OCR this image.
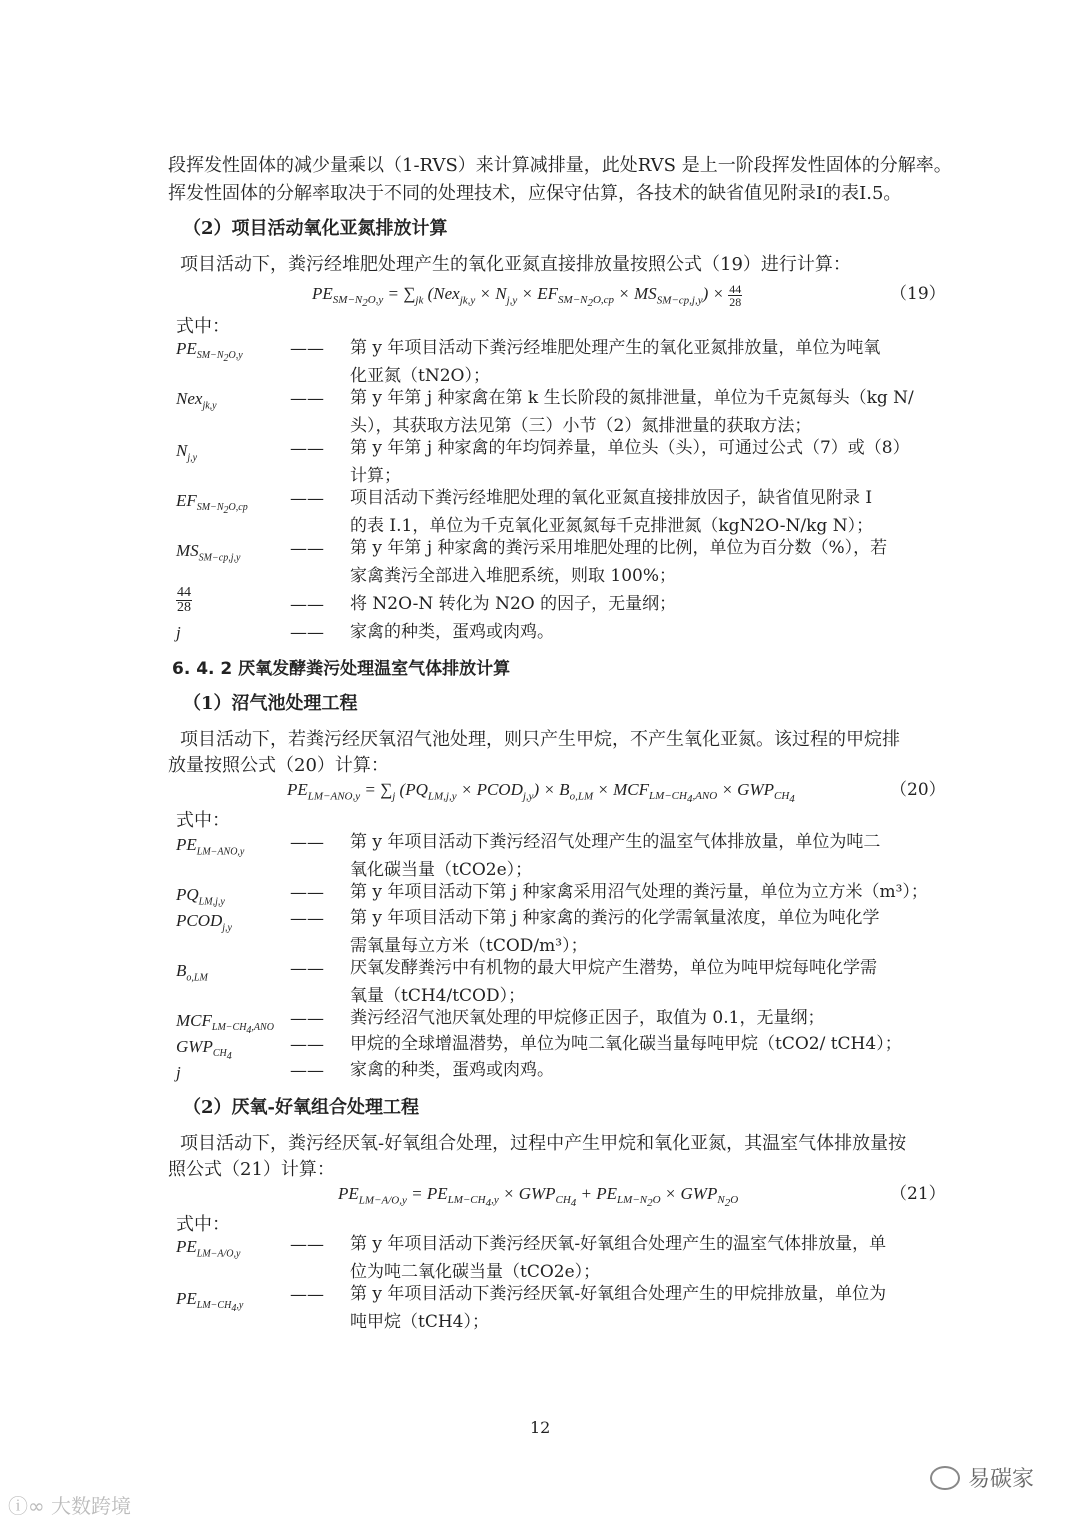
段挥发性固体的减少量乘以（1-RVS）来计算减排量，此处RVS 是上一阶段挥发性固体的分解率。
挥发性固体的分解率取决于不同的处理技术，应保守估算，各技术的缺省值见附录I的表I.5。
（2）项目活动氧化亚氮排放计算
项目活动下，粪污经堆肥处理产生的氧化亚氮直接排放量按照公式（19）进行计算：
$PE_{SM-N_2O,y} = \sum_{jk}$ $(Nex_{jk,y} \times N_{j,y} \times EF_{SM-N_2O,cp} \times MS_{SM-cp,j,y}) \times \frac{44}{28}$	（19）
式中：
$PE_{SM-N_2O,y}$	—— 第 y 年项目活动下粪污经堆肥处理产生的氧化亚氮排放量，单位为吨氧
化亚氮（tN2O）；
Nex$_{jk,y}$	—— 第 y 年第 j 种家禽在第 k 生长阶段的氮排泄量，单位为千克氮每头（kg N/
头），其获取方法见第（三）小节（2）氮排泄量的获取方法；
$N_{j,y}$	—— 第 y 年第 j 种家禽的年均饲养量，单位头（头），可通过公式（7）或（8）
计算；
$EF_{SM-N_2O,cp}$ —— 项目活动下粪污经堆肥处理的氧化亚氮直接排放因子，缺省值见附录 I
的表 I.1，单位为千克氧化亚氮氮每千克排泄氮（kgN2O-N/kg N）；
$MS_{SM-cp,j,y}$	—— 第 y 年第 j 种家禽的粪污采用堆肥处理的比例，单位为百分数（%），若
家禽粪污全部进入堆肥系统，则取 100%；
$\frac{44}{28}$	—— 将 N2O-N 转化为 N2O 的因子，无量纲；
j	—— 家禽的种类，蛋鸡或肉鸡。
6. 4. 2 厌氧发酵粪污处理温室气体排放计算
（1）沼气池处理工程
项目活动下，若粪污经厌氧沼气池处理，则只产生甲烷，不产生氧化亚氮。该过程的甲烷排
放量按照公式（20）计算：
$PE_{LM-ANO,y} = \sum_j$ ($PQ_{LM,j,y}$ × $PCOD_{j,y}) \times B_{o,LM} \times MCF_{LM-CH_4,ANO} \times GWP_{CH_4}$	（20）
式中：
$PE_{LM-ANO,y}$	—— 第 y 年项目活动下粪污经沼气处理产生的温室气体排放量，单位为吨二
氧化碳当量（tCO2e）；
$PQ_{LM,j,y}$	—— 第 y 年项目活动下第 j 种家禽采用沼气处理的粪污量，单位为立方米（m³）；
$PCOD_{j,y}$	—— 第 y 年项目活动下第 j 种家禽的粪污的化学需氧量浓度，单位为吨化学
需氧量每立方米（tCOD/m³）；
$B_{o,LM}$	—— 厌氧发酵粪污中有机物的最大甲烷产生潜势，单位为吨甲烷每吨化学需
氧量（tCH4/tCOD）；
$MCF_{LM-CH_4,ANO}$ —— 粪污经沼气池厌氧处理的甲烷修正因子，取值为 0.1，无量纲；
$GWP_{CH_4}$
—— 甲烷的全球增温潜势，单位为吨二氧化碳当量每吨甲烷（tCO2/ tCH4）；
j	—— 家禽的种类，蛋鸡或肉鸡。
（2）厌氧-好氧组合处理工程
项目活动下，粪污经厌氧-好氧组合处理，过程中产生甲烷和氧化亚氮，其温室气体排放量按
照公式（21）计算：
$PE_{LM-A/O,y} = PE_{LM-CH_4,y} \times GWP_{CH_4} + PE_{LM-N_2O} \times GWP_{N_2O}$	（21）
式中：
$PE_{LM-A/O,y}$	—— 第 y 年项目活动下粪污经厌氧-好氧组合处理产生的温室气体排放量，单
位为吨二氧化碳当量（tCO2e）；
$PE_{LM-CH_4,y}$
—— 第 y 年项目活动下粪污经厌氧-好氧组合处理产生的甲烷排放量，单位为
吨甲烷（tCH4）；
12
ⓘ∞ 大数跨境
易碳家
